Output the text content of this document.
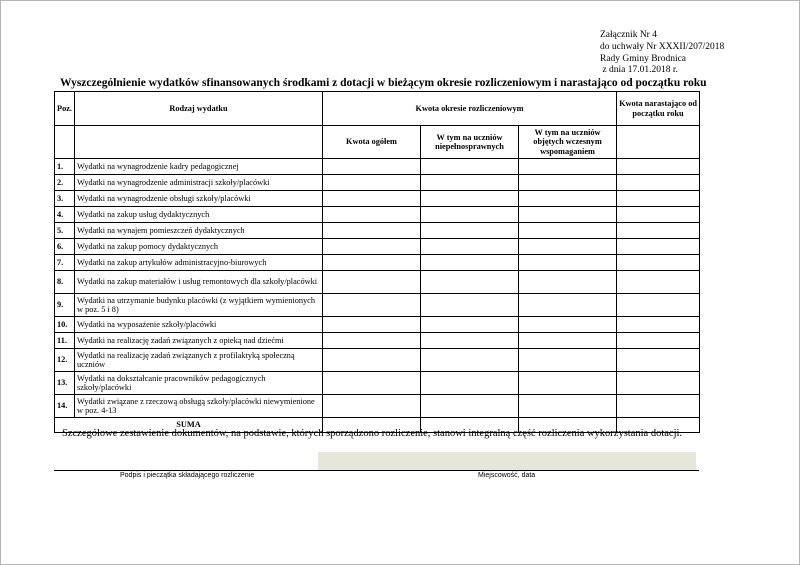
Załącznik Nr 4
do uchwały Nr XXXII/207/2018
Rady Gminy Brodnica
z dnia 17.01.2018 r.
Wyszczególnienie wydatków sfinansowanych środkami z dotacji w bieżącym okresie rozliczeniowym i narastająco od początku roku
Poz.	Rodzaj wydatku	Kwota okresie rozliczeniowym			Kwota narastająco od początku roku
		Kwota ogółem	W tym na uczniów niepełnosprawnych	W tym na uczniów objętych wczesnym wspomaganiem	
1.	Wydatki na wynagrodzenie kadry pedagogicznej				
2.	Wydatki na wynagrodzenie administracji szkoły/placówki				
3.	Wydatki na wynagrodzenie obsługi szkoły/placówki				
4.	Wydatki na zakup usług dydaktycznych				
5.	Wydatki na wynajem pomieszczeń dydaktycznych				
6.	Wydatki na zakup pomocy dydaktycznych				
7.	Wydatki na zakup artykułów administracyjno-biurowych				
8.	Wydatki na zakup materiałów i usług remontowych dla szkoły/placówki				
9.	Wydatki na utrzymanie budynku placówki (z wyjątkiem wymienionych w poz. 5 i 8)				
10.	Wydatki na wyposażenie szkoły/placówki				
11.	Wydatki na realizację zadań związanych z opieką nad dziećmi				
12.	Wydatki na realizację zadań związanych z profilaktyką społeczną uczniów				
13.	Wydatki na dokształcanie pracowników pedagogicznych szkoły/placówki				
14.	Wydatki związane z rzeczową obsługą szkoły/placówki niewymienione w poz. 4-13				
SUMA					
Szczegółowe zestawienie dokumentów, na podstawie, których sporządzono rozliczenie, stanowi integralną część rozliczenia wykorzystania dotacji.
Podpis i pieczątka składającego rozliczenie	Miejscowość, data
